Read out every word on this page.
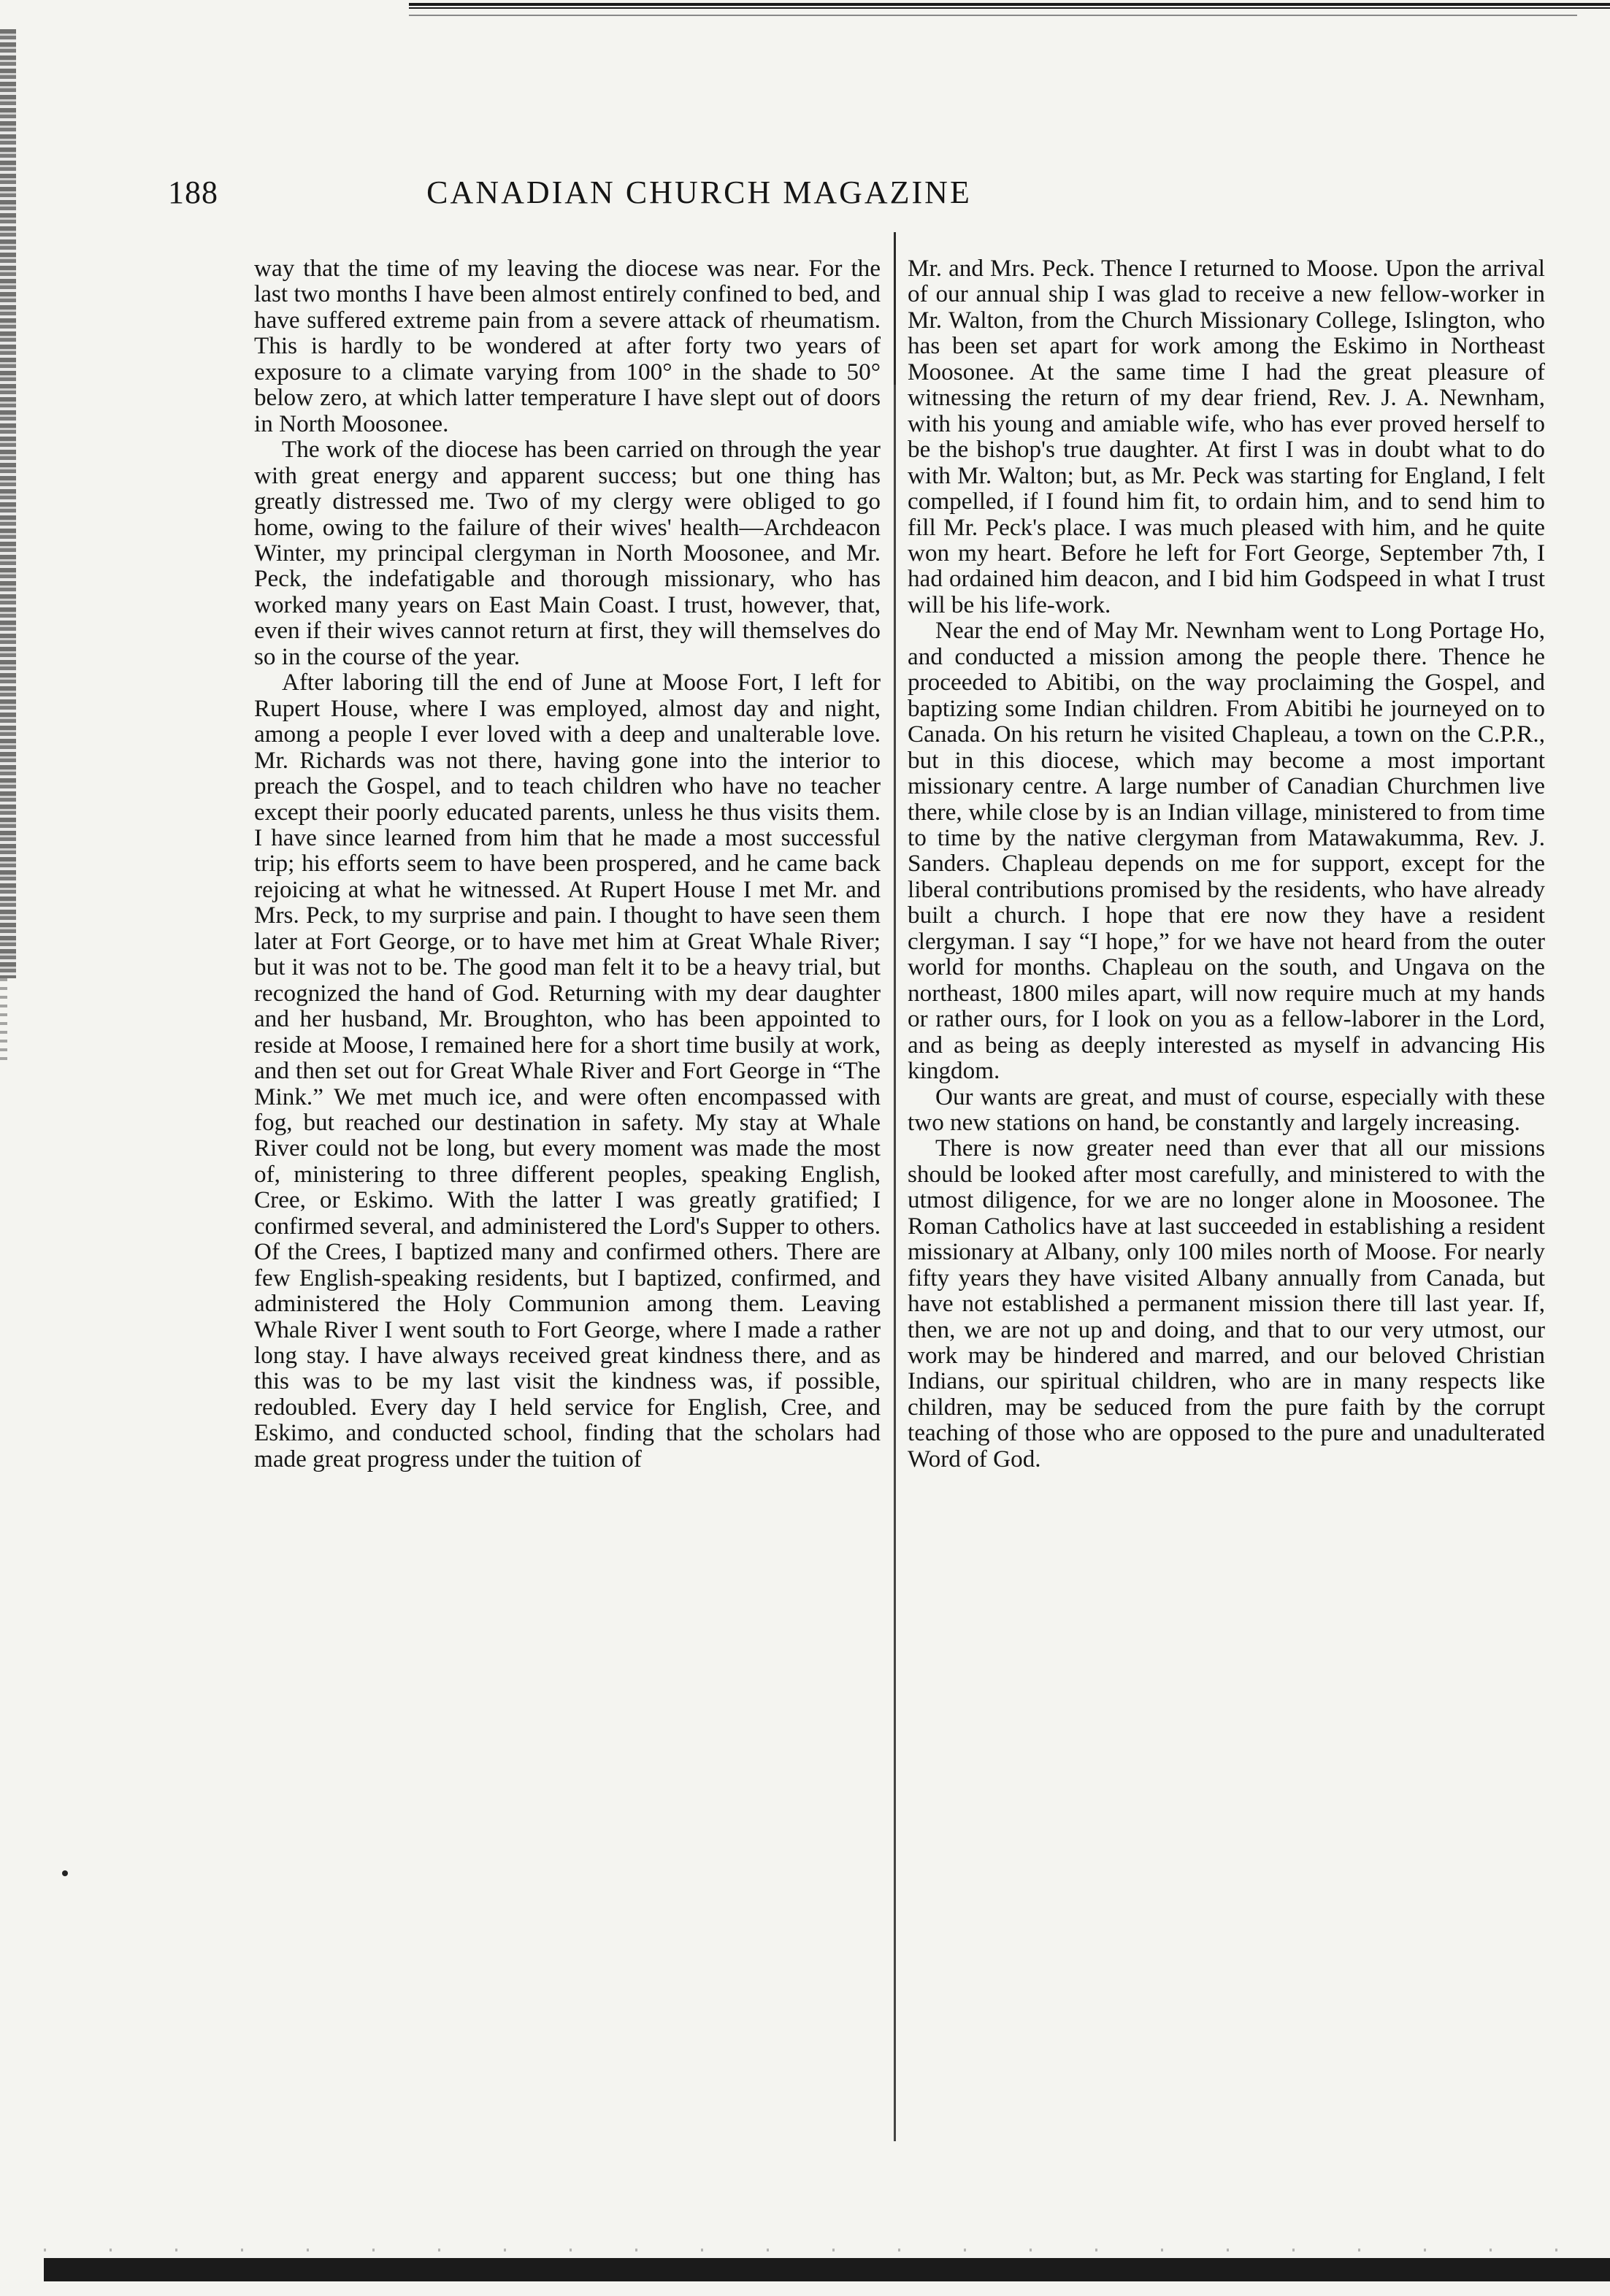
188	CANADIAN CHURCH MAGAZINE

way that the time of my leaving the diocese was near. For the last two months I have been almost entirely confined to bed, and have suffered extreme pain from a severe attack of rheumatism. This is hardly to be wondered at after forty two years of exposure to a climate varying from 100° in the shade to 50° below zero, at which latter temperature I have slept out of doors in North Moosonee.

The work of the diocese has been carried on through the year with great energy and apparent success; but one thing has greatly distressed me. Two of my clergy were obliged to go home, owing to the failure of their wives' health—Archdeacon Winter, my principal clergyman in North Moosonee, and Mr. Peck, the indefatigable and thorough missionary, who has worked many years on East Main Coast. I trust, however, that, even if their wives cannot return at first, they will themselves do so in the course of the year.

After laboring till the end of June at Moose Fort, I left for Rupert House, where I was employed, almost day and night, among a people I ever loved with a deep and unalterable love. Mr. Richards was not there, having gone into the interior to preach the Gospel, and to teach children who have no teacher except their poorly educated parents, unless he thus visits them. I have since learned from him that he made a most successful trip; his efforts seem to have been prospered, and he came back rejoicing at what he witnessed. At Rupert House I met Mr. and Mrs. Peck, to my surprise and pain. I thought to have seen them later at Fort George, or to have met him at Great Whale River; but it was not to be. The good man felt it to be a heavy trial, but recognized the hand of God. Returning with my dear daughter and her husband, Mr. Broughton, who has been appointed to reside at Moose, I remained here for a short time busily at work, and then set out for Great Whale River and Fort George in “The Mink.” We met much ice, and were often encompassed with fog, but reached our destination in safety. My stay at Whale River could not be long, but every moment was made the most of, ministering to three different peoples, speaking English, Cree, or Eskimo. With the latter I was greatly gratified; I confirmed several, and administered the Lord's Supper to others. Of the Crees, I baptized many and confirmed others. There are few English-speaking residents, but I baptized, confirmed, and administered the Holy Communion among them. Leaving Whale River I went south to Fort George, where I made a rather long stay. I have always received great kindness there, and as this was to be my last visit the kindness was, if possible, redoubled. Every day I held service for English, Cree, and Eskimo, and conducted school, finding that the scholars had made great progress under the tuition of

Mr. and Mrs. Peck. Thence I returned to Moose. Upon the arrival of our annual ship I was glad to receive a new fellow-worker in Mr. Walton, from the Church Missionary College, Islington, who has been set apart for work among the Eskimo in Northeast Moosonee. At the same time I had the great pleasure of witnessing the return of my dear friend, Rev. J. A. Newnham, with his young and amiable wife, who has ever proved herself to be the bishop's true daughter. At first I was in doubt what to do with Mr. Walton; but, as Mr. Peck was starting for England, I felt compelled, if I found him fit, to ordain him, and to send him to fill Mr. Peck's place. I was much pleased with him, and he quite won my heart. Before he left for Fort George, September 7th, I had ordained him deacon, and I bid him Godspeed in what I trust will be his life-work.

Near the end of May Mr. Newnham went to Long Portage Ho, and conducted a mission among the people there. Thence he proceeded to Abitibi, on the way proclaiming the Gospel, and baptizing some Indian children. From Abitibi he journeyed on to Canada. On his return he visited Chapleau, a town on the C.P.R., but in this diocese, which may become a most important missionary centre. A large number of Canadian Churchmen live there, while close by is an Indian village, ministered to from time to time by the native clergyman from Matawakumma, Rev. J. Sanders. Chapleau depends on me for support, except for the liberal contributions promised by the residents, who have already built a church. I hope that ere now they have a resident clergyman. I say “I hope,” for we have not heard from the outer world for months. Chapleau on the south, and Ungava on the northeast, 1800 miles apart, will now require much at my hands or rather ours, for I look on you as a fellow-laborer in the Lord, and as being as deeply interested as myself in advancing His kingdom.

Our wants are great, and must of course, especially with these two new stations on hand, be constantly and largely increasing.

There is now greater need than ever that all our missions should be looked after most carefully, and ministered to with the utmost diligence, for we are no longer alone in Moosonee. The Roman Catholics have at last succeeded in establishing a resident missionary at Albany, only 100 miles north of Moose. For nearly fifty years they have visited Albany annually from Canada, but have not established a permanent mission there till last year. If, then, we are not up and doing, and that to our very utmost, our work may be hindered and marred, and our beloved Christian Indians, our spiritual children, who are in many respects like children, may be seduced from the pure faith by the corrupt teaching of those who are opposed to the pure and unadulterated Word of God.
